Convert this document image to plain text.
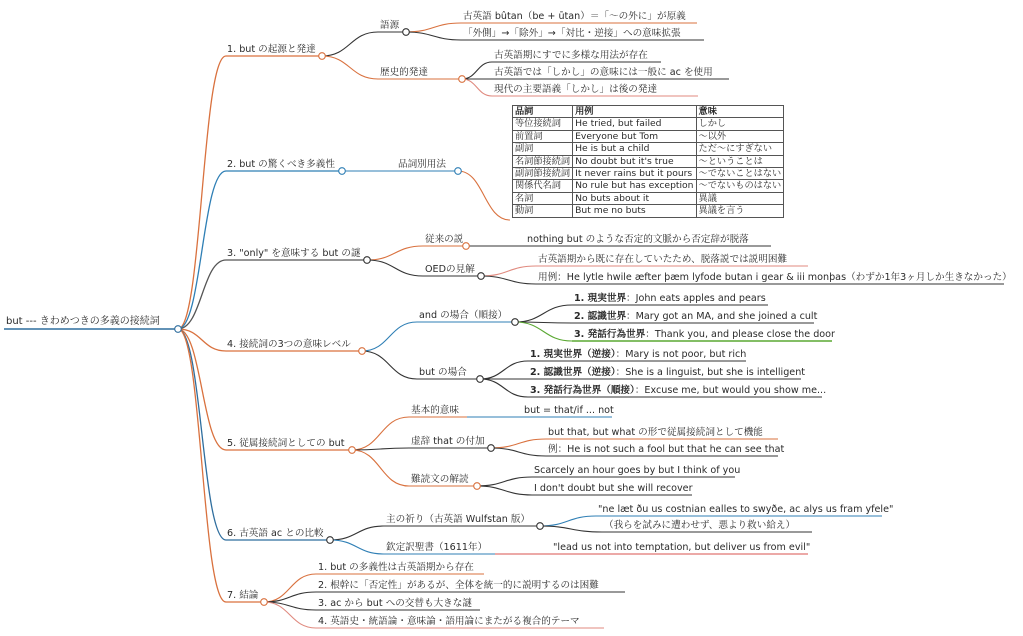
but --- きわめつきの多義の接続詞
1. but の起源と発達
語源
古英語 bûtan（be + ūtan）＝「～の外に」が原義
「外側」→「除外」→「対比・逆接」への意味拡張
歴史的発達
古英語期にすでに多様な用法が存在
古英語では「しかし」の意味には一般に ac を使用
現代の主要語義「しかし」は後の発達
2. but の驚くべき多義性	品詞別用法
品詞	用例	意味
等位接続詞	He tried, but failed	しかし
前置詞	Everyone but Tom	～以外
副詞	He is but a child	ただ～にすぎない
名詞節接続詞	No doubt but it's true	～ということは
副詞節接続詞	It never rains but it pours	～でないことはない
関係代名詞	No rule but has exception	～でないものはない
名詞	No buts about it	異議
動詞	But me no buts	異議を言う
3. "only" を意味する but の謎
従来の説	nothing but のような否定的文脈から否定辞が脱落
OEDの見解
古英語期から既に存在していたため、脱落説では説明困難
用例：He lytle hwile æfter þæm lyfode butan i gear & iii monþas（わずか1年3ヶ月しか生きなかった）
4. 接続詞の3つの意味レベル
and の場合（順接）
1. 現実世界：John eats apples and pears
2. 認識世界：Mary got an MA, and she joined a cult
3. 発話行為世界：Thank you, and please close the door
but の場合
1. 現実世界（逆接）：Mary is not poor, but rich
2. 認識世界（逆接）：She is a linguist, but she is intelligent
3. 発話行為世界（順接）：Excuse me, but would you show me...
5. 従属接続詞としての but
基本的意味	but = that/if ... not
虚辞 that の付加
but that, but what の形で従属接続詞として機能
例：He is not such a fool but that he can see that
難読文の解読
Scarcely an hour goes by but I think of you
I don't doubt but she will recover
6. 古英語 ac との比較
主の祈り（古英語 Wulfstan 版）
"ne læt ðu us costnian ealles to swyðe, ac alys us fram yfele"
（我らを試みに遭わせず、悪より救い給え）
欽定訳聖書（1611年）	"lead us not into temptation, but deliver us from evil"
7. 結論
1. but の多義性は古英語期から存在
2. 根幹に「否定性」があるが、全体を統一的に説明するのは困難
3. ac から but への交替も大きな謎
4. 英語史・統語論・意味論・語用論にまたがる複合的テーマ
